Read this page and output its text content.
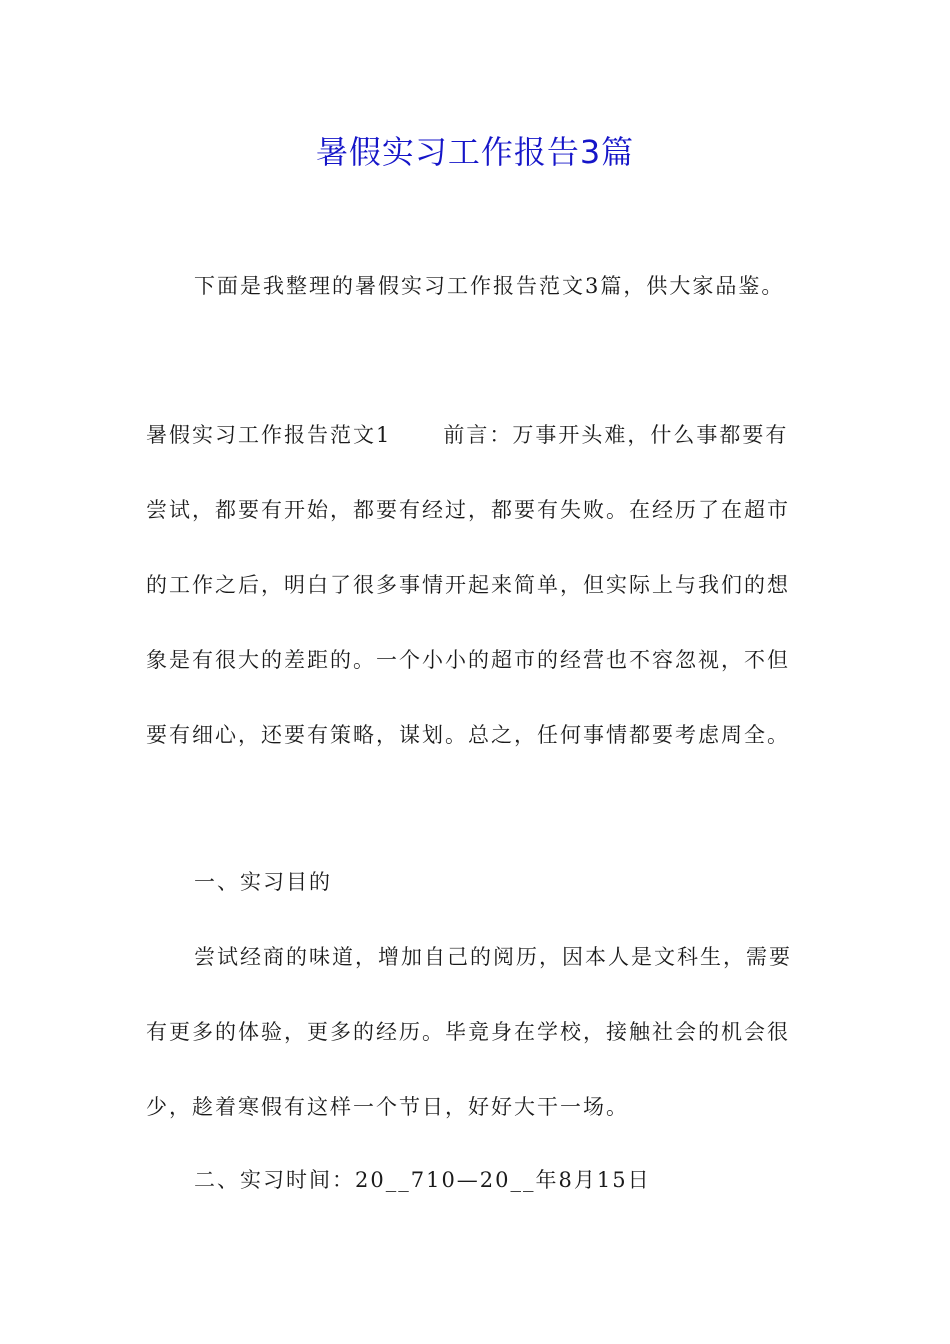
暑假实习工作报告3篇

下面是我整理的暑假实习工作报告范文3篇，供大家品鉴。

暑假实习工作报告范文1 前言：万事开头难，什么事都要有尝试，都要有开始，都要有经过，都要有失败。在经历了在超市的工作之后，明白了很多事情开起来简单，但实际上与我们的想象是有很大的差距的。一个小小的超市的经营也不容忽视，不但要有细心，还要有策略，谋划。总之，任何事情都要考虑周全。

一、实习目的

尝试经商的味道，增加自己的阅历，因本人是文科生，需要有更多的体验，更多的经历。毕竟身在学校，接触社会的机会很少，趁着寒假有这样一个节日，好好大干一场。

二、实习时间：20__710—20__年8月15日
